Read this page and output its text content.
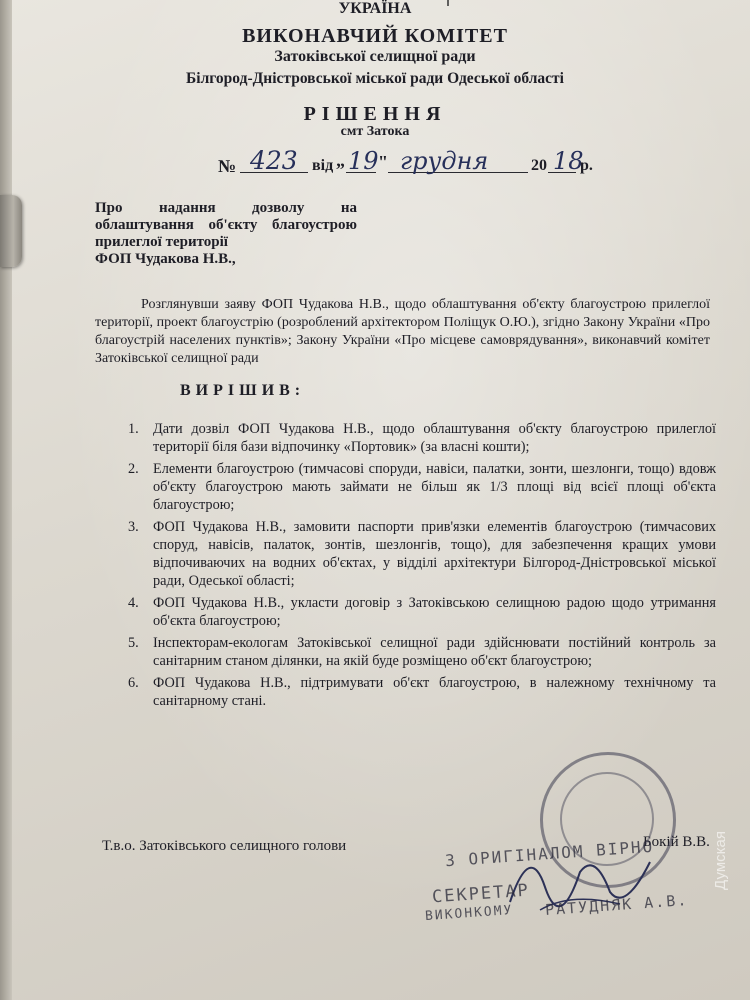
УКРАЇНА
ВИКОНАВЧИЙ КОМІТЕТ
Затоківської селищної ради
Білгород-Дністровської міської ради Одеської області
РІШЕННЯ
смт Затока
№ 423 від „ 19 " грудня	20 18
р.
Про надання дозволу на
облаштування об'єкту благоустрою
прилеглої території
ФОП Чудакова Н.В.,

Розглянувши заяву ФОП Чудакова Н.В., щодо облаштування об'єкту благоустрою прилеглої території, проект благоустрію (розроблений архітектором Поліщук О.Ю.), згідно Закону України «Про благоустрій населених пунктів»; Закону України «Про місцеве самоврядування», виконавчий комітет Затоківської селищної ради

ВИРІШИВ:
1. Дати дозвіл ФОП Чудакова Н.В., щодо облаштування об'єкту благоустрою прилеглої території біля бази відпочинку «Портовик» (за власні кошти);
2. Елементи благоустрою (тимчасові споруди, навіси, палатки, зонти, шезлонги, тощо) вдовж об'єкту благоустрою мають займати не більш як 1/3 площі від всієї площі об'єкта благоустрою;
3. ФОП Чудакова Н.В., замовити паспорти прив'язки елементів благоустрою (тимчасових споруд, навісів, палаток, зонтів, шезлонгів, тощо), для забезпечення кращих умови відпочиваючих на водних об'єктах, у відділі архітектури Білгород-Дністровської міської ради, Одеської області;
4. ФОП Чудакова Н.В., укласти договір з Затоківською селищною радою щодо утримання об'єкта благоустрою;
5. Інспекторам-екологам Затоківської селищної ради здійснювати постійний контроль за санітарним станом ділянки, на якій буде розміщено об'єкт благоустрою;
6. ФОП Чудакова Н.В., підтримувати об'єкт благоустрою, в належному технічному та санітарному стані.
Т.в.о. Затоківського селищного голови	Бокій В.В.
З ОРИГІНАЛОМ ВІРНО
СЕКРЕТАР
ВИКОНКОМУ РАТУДНЯК А.В.
Думская
